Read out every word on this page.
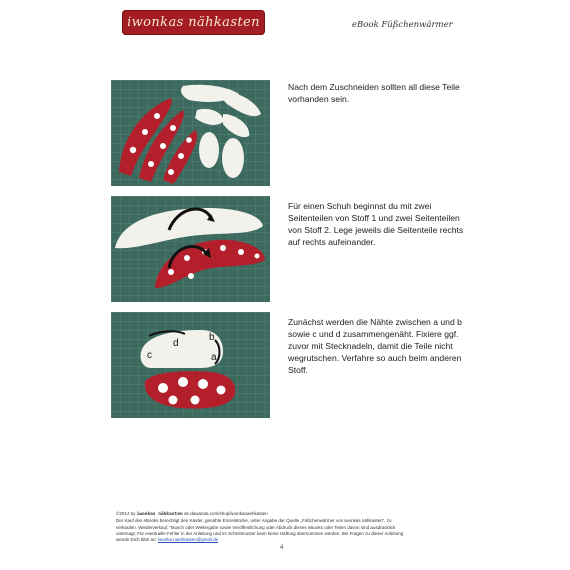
iwonkas nähkasten	eBook Füßchenwärmer
Nach dem Zuschneiden sollten all diese Teile vorhanden sein.
Für einen Schuh beginnst du mit zwei Seitenteilen von Stoff 1 und zwei Seitenteilen von Stoff 2. Lege jeweils die Seitenteile rechts auf rechts aufeinander.
d
b
c	a
Zunächst werden die Nähte zwischen a und b sowie c und d zusammengenäht. Fixiere ggf. zuvor mit Stecknadeln, damit die Teile nicht wegrutschen. Verfahre so auch beim anderen Stoff.
©2014 by iwonkas nähkasten de.dawanda.com/shop/iwonkanaehkasten
Der Kauf des eBooks berechtigt den Käufer, genähte Einzelstücke, unter Angabe der Quelle „Füßchenwärmer von iwonkas nähkasten", zu
verkaufen. Wiederverkauf, Tausch oder Weitergabe sowie Veröffentlichung oder Abdruck dieses eBooks oder Teilen davon sind ausdrücklich
untersagt. Für eventuelle Fehler in der Anleitung und im Schnittmuster kann keine Haftung übernommen werden. Bei Fragen zu dieser Anleitung
wende Dich bitte an: iwonka.naehkasten@gmail.de
4
